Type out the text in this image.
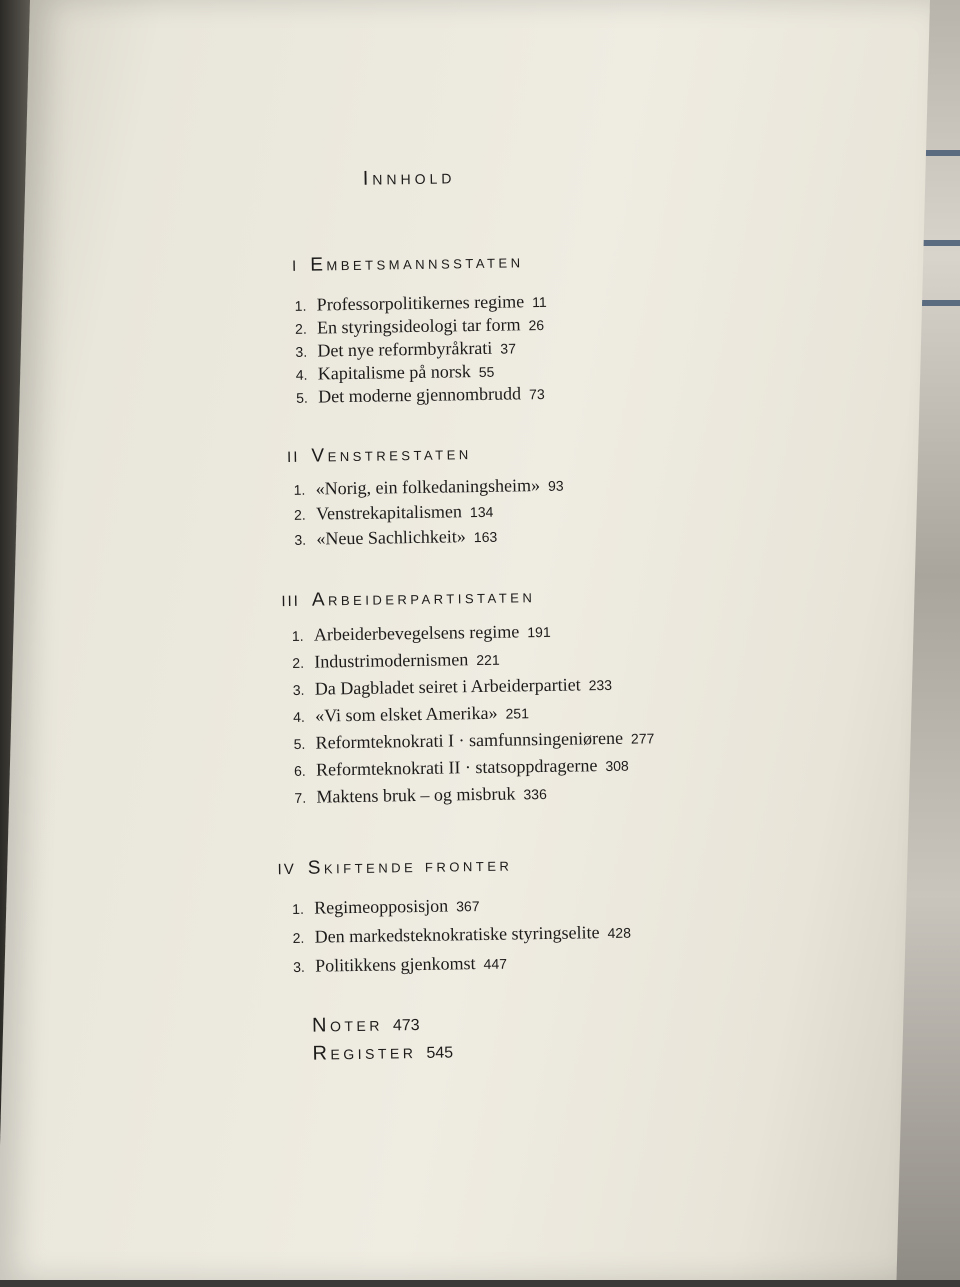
Innhold
I Embetsmannsstaten
1. Professorpolitikernes regime 11
2. En styringsideologi tar form 26
3. Det nye reformbyråkrati 37
4. Kapitalisme på norsk 55
5. Det moderne gjennombrudd 73
II Venstrestaten
1. «Norig, ein folkedaningsheim» 93
2. Venstrekapitalismen 134
3. «Neue Sachlichkeit» 163
III Arbeiderpartistaten
1. Arbeiderbevegelsens regime 191
2. Industrimodernismen 221
3. Da Dagbladet seiret i Arbeiderpartiet 233
4. «Vi som elsket Amerika» 251
5. Reformteknokrati I · samfunnsingeniørene 277
6. Reformteknokrati II · statsoppdragerne 308
7. Maktens bruk – og misbruk 336
IV Skiftende fronter
1. Regimeopposisjon 367
2. Den markedsteknokratiske styringselite 428
3. Politikkens gjenkomst 447
Noter 473
Register 545
